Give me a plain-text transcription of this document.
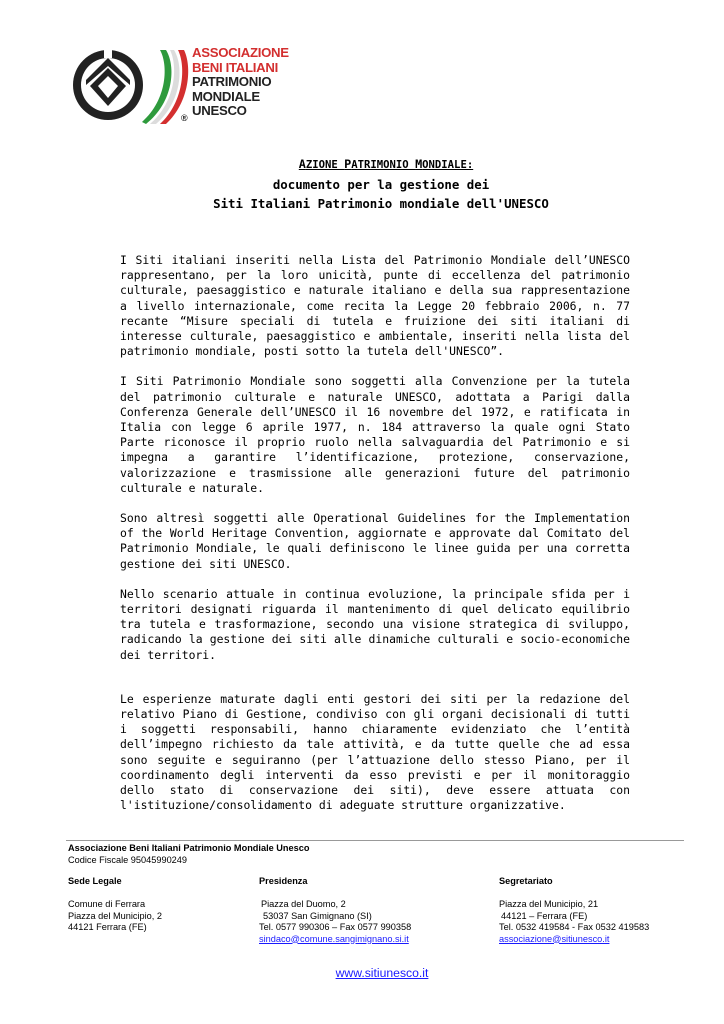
ASSOCIAZIONE
BENI ITALIANI
PATRIMONIO
MONDIALE
UNESCO
®
AZIONE PATRIMONIO MONDIALE:
documento per la gestione dei
Siti Italiani Patrimonio mondiale dell'UNESCO

I Siti italiani inseriti nella Lista del Patrimonio Mondiale dell’UNESCO rappresentano, per la loro unicità, punte di eccellenza del patrimonio culturale, paesaggistico e naturale italiano e della sua rappresentazione a livello internazionale, come recita la Legge 20 febbraio 2006, n. 77 recante “Misure speciali di tutela e fruizione dei siti italiani di interesse culturale, paesaggistico e ambientale, inseriti nella lista del patrimonio mondiale, posti sotto la tutela dell'UNESCO”.

I Siti Patrimonio Mondiale sono soggetti alla Convenzione per la tutela del patrimonio culturale e naturale UNESCO, adottata a Parigi dalla Conferenza Generale dell’UNESCO il 16 novembre del 1972, e ratificata in Italia con legge 6 aprile 1977, n. 184 attraverso la quale ogni Stato Parte riconosce il proprio ruolo nella salvaguardia del Patrimonio e si impegna a garantire l’identificazione, protezione, conservazione, valorizzazione e trasmissione alle generazioni future del patrimonio culturale e naturale.

Sono altresì soggetti alle Operational Guidelines for the Implementation of the World Heritage Convention, aggiornate e approvate dal Comitato del Patrimonio Mondiale, le quali definiscono le linee guida per una corretta gestione dei siti UNESCO.

Nello scenario attuale in continua evoluzione, la principale sfida per i territori designati riguarda il mantenimento di quel delicato equilibrio tra tutela e trasformazione, secondo una visione strategica di sviluppo, radicando la gestione dei siti alle dinamiche culturali e socio-economiche dei territori.

Le esperienze maturate dagli enti gestori dei siti per la redazione del relativo Piano di Gestione, condiviso con gli organi decisionali di tutti i soggetti responsabili, hanno chiaramente evidenziato che l’entità dell’impegno richiesto da tale attività, e da tutte quelle che ad essa sono seguite e seguiranno (per l’attuazione dello stesso Piano, per il coordinamento degli interventi da esso previsti e per il monitoraggio dello stato di conservazione dei siti), deve essere attuata con l'istituzione/consolidamento di adeguate strutture organizzative.

Associazione Beni Italiani Patrimonio Mondiale Unesco
Codice Fiscale 95045990249
Sede Legale

Comune di Ferrara
Piazza del Municipio, 2
44121 Ferrara (FE)
Presidenza

Piazza del Duomo, 2
53037 San Gimignano (SI)
Tel. 0577 990306 – Fax 0577 990358
sindaco@comune.sangimignano.si.it
Segretariato

Piazza del Municipio, 21
44121 – Ferrara (FE)
Tel. 0532 419584 - Fax 0532 419583
associazione@sitiunesco.it
www.sitiunesco.it
